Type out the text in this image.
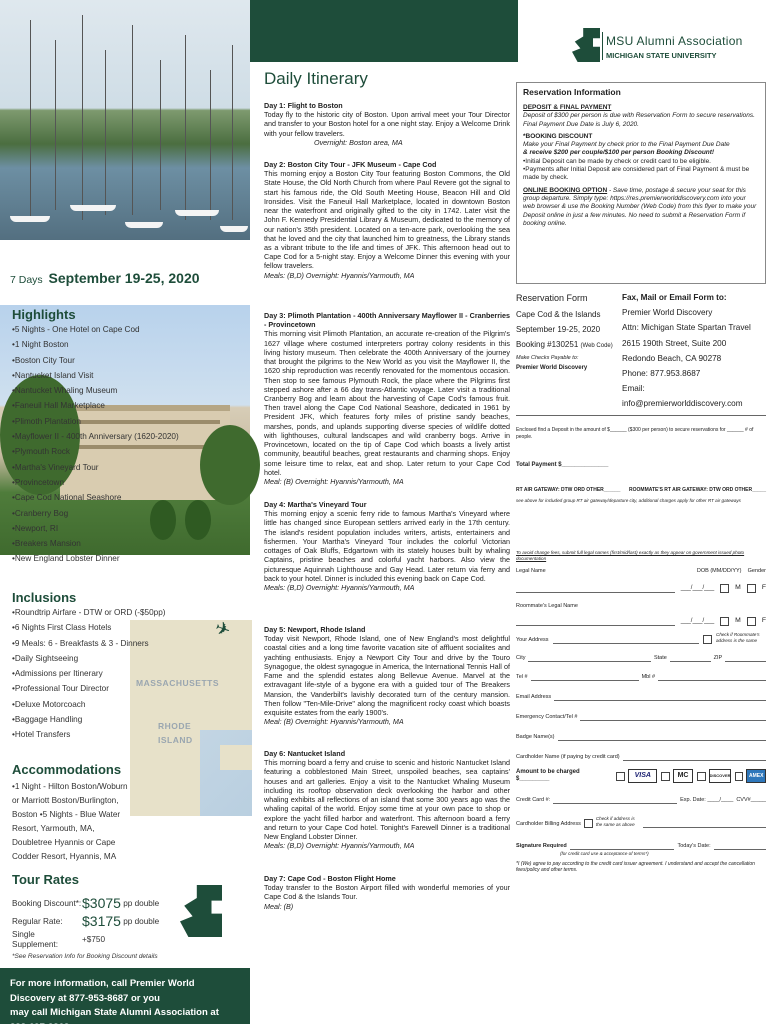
MSU Alumni Association
MICHIGAN STATE UNIVERSITY
7 Days September 19-25, 2020
Highlights
• 5 Nights - One Hotel on Cape Cod
• 1 Night Boston
• Boston City Tour
• Nantucket Island Visit
• Nantucket Whaling Museum
• Faneuil Hall Marketplace
• Plimoth Plantation
• Mayflower II - 400th Anniversary (1620-2020)
• Plymouth Rock
• Martha's Vineyard Tour
• Provincetown
• Cape Cod National Seashore
• Cranberry Bog
• Newport, RI
• Breakers Mansion
• New England Lobster Dinner
MASSACHUSETTS
RHODE ISLAND
✈
Inclusions
• Roundtrip Airfare - DTW or ORD (-$50pp)
• 6 Nights First Class Hotels
• 9 Meals: 6 - Breakfasts & 3 - Dinners
• Daily Sightseeing
• Admissions per Itinerary
• Professional Tour Director
• Deluxe Motorcoach
• Baggage Handling
• Hotel Transfers
Accommodations
•1 Night - Hilton Boston/Woburn or Marriott Boston/Burlington, Boston •5 Nights - Blue Water Resort, Yarmouth, MA, Doubletree Hyannis or Cape Codder Resort, Hyannis, MA
Tour Rates
Booking Discount*: $3075
pp double
Regular Rate:	$3175
pp double
Single Supplement:
+$750
*See Reservation Info for Booking Discount details
For more information, call Premier World Discovery at 877-953-8687 or you
may call Michigan State Alumni Association at 888-697-2863.
Daily Itinerary
Day 1: Flight to Boston
Today fly to the historic city of Boston. Upon arrival meet your Tour Director and transfer to your Boston hotel for a one night stay. Enjoy a Welcome Drink with your fellow travelers.
Overnight: Boston area, MA
Day 2: Boston City Tour - JFK Museum - Cape Cod
This morning enjoy a Boston City Tour featuring Boston Commons, the Old State House, the Old North Church from where Paul Revere got the signal to start his famous ride, the Old South Meeting House, Beacon Hill and Old Ironsides. Visit the Faneuil Hall Marketplace, located in downtown Boston near the waterfront and originally gifted to the city in 1742. Later visit the John F. Kennedy Presidential Library & Museum, dedicated to the memory of our nation's 35th president. Located on a ten-acre park, overlooking the sea that he loved and the city that launched him to greatness, the Library stands as a vibrant tribute to the life and times of JFK. This afternoon head out to Cape Cod for a 5-night stay. Enjoy a Welcome Dinner this evening with your fellow travelers.
Meals: (B,D) Overnight: Hyannis/Yarmouth, MA
Day 3: Plimoth Plantation - 400th Anniversary Mayflower II - Cranberries - Provincetown
This morning visit Plimoth Plantation, an accurate re-creation of the Pilgrim's 1627 village where costumed interpreters portray colony residents in this living history museum. Then celebrate the 400th Anniversary of the journey that brought the pilgrims to the New World as you visit the Mayflower II, the 1620 ship reproduction was recently renovated for the momentous occasion. Then stop to see famous Plymouth Rock, the place where the Pilgrims first stepped ashore after a 66 day trans-Atlantic voyage. Later visit a traditional Cranberry Bog and learn about the harvesting of Cape Cod's famous fruit. Then travel along the Cape Cod National Seashore, dedicated in 1961 by President JFK, which features forty miles of pristine sandy beaches, marshes, ponds, and uplands supporting diverse species of wildlife dotted with lighthouses, cultural landscapes and wild cranberry bogs. Arrive in Provincetown, located on the tip of Cape Cod which boasts a lively artist community, beautiful beaches, great restaurants and charming shops. Enjoy some leisure time to relax, eat and shop. Later return to your Cape Cod hotel.
Meal: (B) Overnight: Hyannis/Yarmouth, MA
Day 4: Martha's Vineyard Tour
This morning enjoy a scenic ferry ride to famous Martha's Vineyard where little has changed since European settlers arrived early in the 17th century. The island's resident population includes writers, artists, entertainers and fishermen. Your Martha's Vineyard Tour includes the colorful Victorian cottages of Oak Bluffs, Edgartown with its stately houses built by whaling Captains, pristine beaches and colorful yacht harbors. Also view the picturesque Aquinnah Lighthouse and Gay Head. Later return via ferry and back to your hotel. Dinner is included this evening back on Cape Cod.
Meals: (B,D) Overnight: Hyannis/Yarmouth, MA
Day 5: Newport, Rhode Island
Today visit Newport, Rhode Island, one of New England's most delightful coastal cities and a long time favorite vacation site of affluent socialites and yachting enthusiasts. Enjoy a Newport City Tour and drive by the Touro Synagogue, the oldest synagogue in America, the International Tennis Hall of Fame and the splendid estates along Bellevue Avenue. Marvel at the extravagant life-style of a bygone era with a guided tour of The Breakers Mansion, the Vanderbilt's lavishly decorated turn of the century mansion. Then follow "Ten-Mile-Drive" along the magnificent rocky coast which boasts exquisite estates from the early 1900's.
Meal: (B) Overnight: Hyannis/Yarmouth, MA
Day 6: Nantucket Island
This morning board a ferry and cruise to scenic and historic Nantucket Island featuring a cobblestoned Main Street, unspoiled beaches, sea captains' houses and art galleries. Enjoy a visit to the Nantucket Whaling Museum including its rooftop observation deck overlooking the harbor and other whaling exhibits all reflections of an island that some 300 years ago was the whaling capital of the world. Enjoy some time at your own pace to shop or explore the yacht filled harbor and waterfront. This afternoon board a ferry and return to your Cape Cod hotel. Tonight's Farewell Dinner is a traditional New England Lobster Dinner.
Meals: (B,D) Overnight: Hyannis/Yarmouth, MA
Day 7: Cape Cod - Boston Flight Home
Today transfer to the Boston Airport filled with wonderful memories of your Cape Cod & the Islands Tour.
Meal: (B)
Reservation Information
DEPOSIT & FINAL PAYMENT
Deposit of $300 per person is due with Reservation Form to secure reservations.
Final Payment Due Date is July 6, 2020.
*BOOKING DISCOUNT
Make your Final Payment by check prior to the Final Payment Due Date
& receive $200 per couple/$100 per person Booking Discount!
•Initial Deposit can be made by check or credit card to be eligible.
•Payments after Initial Deposit are considered part of Final Payment & must be made by check.
ONLINE BOOKING OPTION - Save time, postage & secure your seat for this group departure. Simply type: https://res.premierworlddiscovery.com into your web browser & use the Booking Number (Web Code) from this flyer to make your Deposit online in just a few minutes. No need to submit a Reservation Form if booking online.
Reservation Form
Cape Cod & the Islands
September 19-25, 2020
Booking #130251 (Web Code)
Make Checks Payable to:
Premier World Discovery
Fax, Mail or Email Form to:
Premier World Discovery
Attn: Michigan State Spartan Travel
2615 190th Street, Suite 200
Redondo Beach, CA 90278
Phone: 877.953.8687
Email: info@premierworlddiscovery.com
Enclosed find a Deposit in the amount of $______ ($300 per person) to secure reservations for ______ # of people.
Total Payment $______________
RT AIR GATEWAY: DTW ORD OTHER______ ROOMMATE'S RT AIR GATEWAY: DTW ORD OTHER_____
see above for included group RT air gateway/departure city, additional charges apply for other RT air gateways
To avoid change fees, submit full legal names (first/mid/last) exactly as they appear on government issued photo documentation
Legal Name	DOB (MM/DD/YY) Gender
___/___/___	M	F
Roommate's Legal Name
___/___/___	M	F
Your Address
Check if Roommate's address is the same
City	State	ZIP
Tel #	Mbl #
Email Address
Emergency Contact/Tel #
Badge Name(s)
Cardholder Name (if paying by credit card)
Amount to be charged $_________	VISA	MC	DISCOVER	AMEX
Credit Card #:	Exp. Date: ____/____ CVV#_____
Cardholder Billing Address
Check if address is the same as above
Signature Required	Today's Date:
(for credit card use & acceptance of terms*)
*I (We) agree to pay according to the credit card issuer agreement. I understand and accept the cancellation fees/policy and other terms.
